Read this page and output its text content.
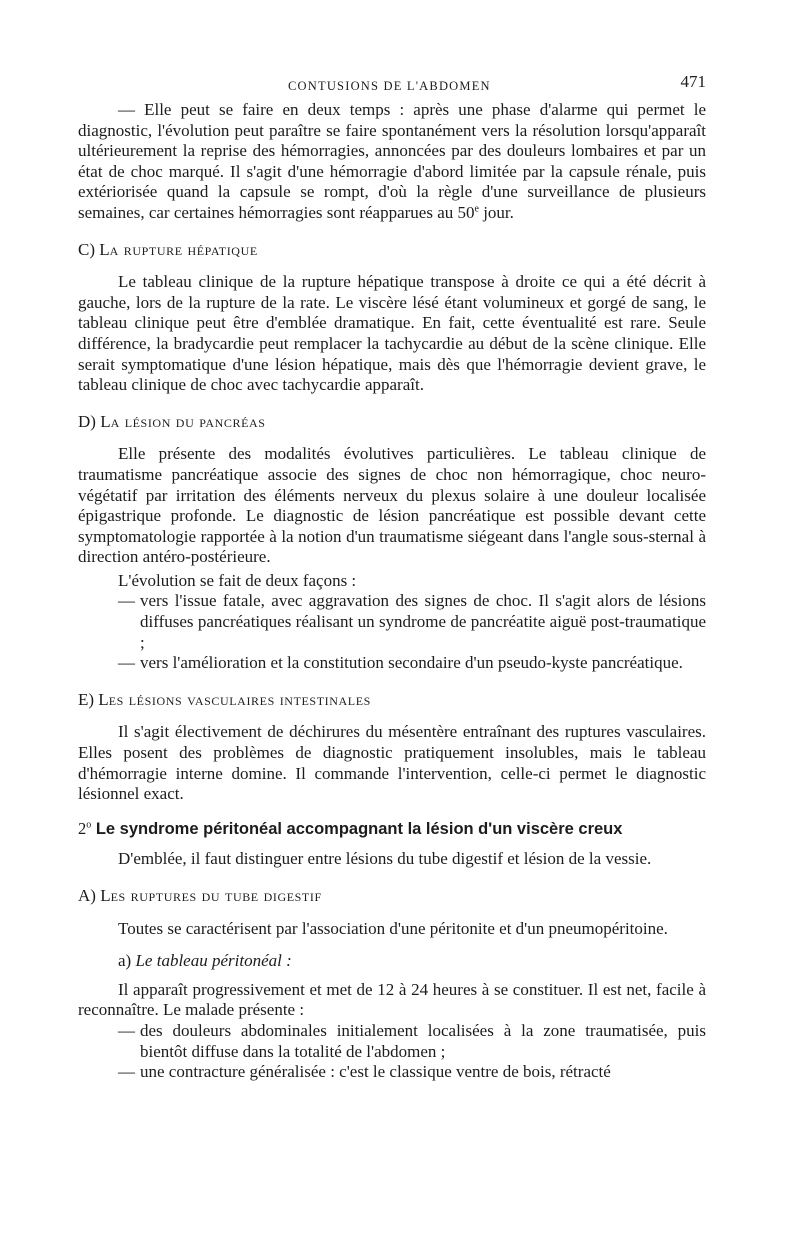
CONTUSIONS DE L'ABDOMEN	471

— Elle peut se faire en deux temps : après une phase d'alarme qui permet le diagnostic, l'évolution peut paraître se faire spontanément vers la résolution lorsqu'apparaît ultérieurement la reprise des hémorragies, annoncées par des douleurs lombaires et par un état de choc marqué. Il s'agit d'une hémorragie d'abord limitée par la capsule rénale, puis extériorisée quand la capsule se rompt, d'où la règle d'une surveillance de plusieurs semaines, car certaines hémorragies sont réapparues au 50e jour.

C) La rupture hépatique

Le tableau clinique de la rupture hépatique transpose à droite ce qui a été décrit à gauche, lors de la rupture de la rate. Le viscère lésé étant volumineux et gorgé de sang, le tableau clinique peut être d'emblée dramatique. En fait, cette éventualité est rare. Seule différence, la bradycardie peut remplacer la tachycardie au début de la scène clinique. Elle serait symptomatique d'une lésion hépatique, mais dès que l'hémorragie devient grave, le tableau clinique de choc avec tachycardie apparaît.

D) La lésion du pancréas

Elle présente des modalités évolutives particulières. Le tableau clinique de traumatisme pancréatique associe des signes de choc non hémorragique, choc neuro-végétatif par irritation des éléments nerveux du plexus solaire à une douleur localisée épigastrique profonde. Le diagnostic de lésion pancréatique est possible devant cette symptomatologie rapportée à la notion d'un traumatisme siégeant dans l'angle sous-sternal à direction antéro-postérieure.

L'évolution se fait de deux façons :

— vers l'issue fatale, avec aggravation des signes de choc. Il s'agit alors de lésions diffuses pancréatiques réalisant un syndrome de pancréatite aiguë post-traumatique ;
— vers l'amélioration et la constitution secondaire d'un pseudo-kyste pancréatique.
E) Les lésions vasculaires intestinales

Il s'agit électivement de déchirures du mésentère entraînant des ruptures vasculaires. Elles posent des problèmes de diagnostic pratiquement insolubles, mais le tableau d'hémorragie interne domine. Il commande l'intervention, celle-ci permet le diagnostic lésionnel exact.

2$^o$ Le syndrome péritonéal accompagnant la lésion d'un viscère creux

D'emblée, il faut distinguer entre lésions du tube digestif et lésion de la vessie.

A) Les ruptures du tube digestif

Toutes se caractérisent par l'association d'une péritonite et d'un pneumopéritoine.

a) Le tableau péritonéal :

Il apparaît progressivement et met de 12 à 24 heures à se constituer. Il est net, facile à reconnaître. Le malade présente :

— des douleurs abdominales initialement localisées à la zone traumatisée, puis bientôt diffuse dans la totalité de l'abdomen ;
— une contracture généralisée : c'est le classique ventre de bois, rétracté
